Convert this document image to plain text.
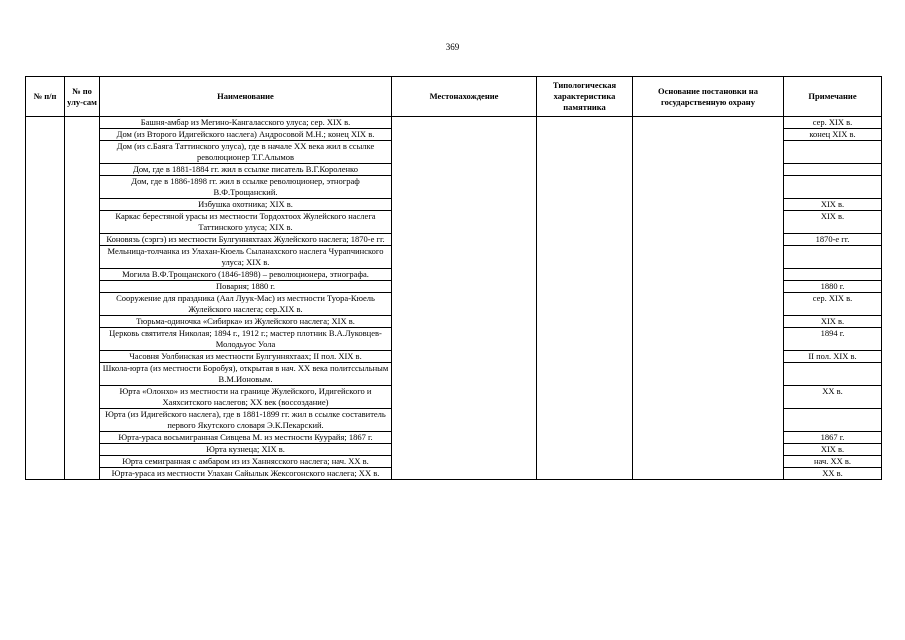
369
№ п/п	№ по улу-сам	Наименование	Местонахождение	Типологическая характеристика памятника	Основание постановки на государственную охрану	Примечание
		Башня-амбар из Мегино-Кангаласского улуса; сер. XIX в.				сер. XIX в.
		Дом (из Второго Идигейского наслега) Андросовой М.Н.; конец XIX в.				конец XIX в.
		Дом (из с.Баяга Таттинского улуса), где в начале XX века жил в ссылке революционер Т.Г.Алымов				
		Дом, где в 1881-1884 гг. жил в ссылке писатель В.Г.Короленко				
		Дом, где в 1886-1898 гг. жил в ссылке революционер, этнограф В.Ф.Трощанский.				
		Избушка охотника; XIX в.				XIX в.
		Каркас берестяной урасы из местности Тордохтоох Жулейского наслега Таттинского улуса; XIX в.				XIX в.
		Коновязь (сэргэ) из местности Булгунняхтаах Жулейского наслега; 1870-е гг.				1870-е гг.
		Мельница-толчанка из Улахан-Кюель Сыланахского наслега Чурапчинского улуса; XIX в.				
		Могила В.Ф.Трощанского (1846-1898) – революционера, этнографа.				
		Поварня; 1880 г.				1880 г.
		Сооружение для праздника (Аал Луук-Мас) из местности Туора-Кюель Жулейского наслега; сер.XIX в.				сер. XIX в.
		Тюрьма-одиночка «Сибирка» из Жулейского наслега; XIX в.				XIX в.
		Церковь святителя Николая; 1894 г., 1912 г.; мастер плотник В.А.Луковцев-Молодьуос Уола				1894 г.
		Часовня Уолбинская из местности Булгунняхтаах; II пол. XIX в.				II пол. XIX в.
		Школа-юрта (из местности Боробуя), открытая в нач. XX века политссыльным В.М.Ионовым.				
		Юрта «Олонхо» из местности на границе Жулейского, Идигейского и Хаяхситского наслегов; XX век (воссоздание)				XX в.
		Юрта (из Идигейского наслега), где в 1881-1899 гг. жил в ссылке составитель первого Якутского словаря Э.К.Пекарский.				
		Юрта-ураса восьмигранная Сивцева М. из местности Куурайя; 1867 г.				1867 г.
		Юрта кузнеца; XIX в.				XIX в.
		Юрта семигранная с амбаром из из Ханнясского наслега; нач. XX в.				нач. XX в.
		Юрта-ураса из местности Улахан Сайылык Жексогонского наслега; XX в.				XX в.
